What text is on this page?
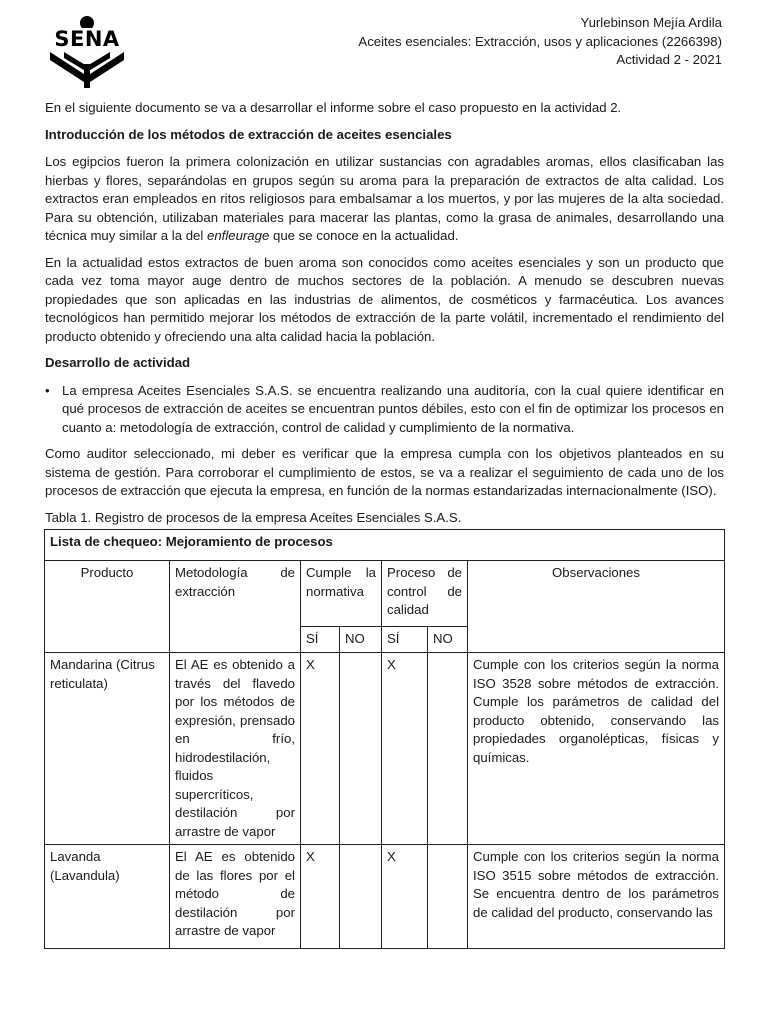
SENA
Yurlebinson Mejía Ardila
Aceites esenciales: Extracción, usos y aplicaciones (2266398)
Actividad 2 - 2021

En el siguiente documento se va a desarrollar el informe sobre el caso propuesto en la actividad 2.

Introducción de los métodos de extracción de aceites esenciales

Los egipcios fueron la primera colonización en utilizar sustancias con agradables aromas, ellos clasificaban las hierbas y flores, separándolas en grupos según su aroma para la preparación de extractos de alta calidad. Los extractos eran empleados en ritos religiosos para embalsamar a los muertos, y por las mujeres de la alta sociedad. Para su obtención, utilizaban materiales para macerar las plantas, como la grasa de animales, desarrollando una técnica muy similar a la del enfleurage que se conoce en la actualidad.

En la actualidad estos extractos de buen aroma son conocidos como aceites esenciales y son un producto que cada vez toma mayor auge dentro de muchos sectores de la población. A menudo se descubren nuevas propiedades que son aplicadas en las industrias de alimentos, de cosméticos y farmacéutica. Los avances tecnológicos han permitido mejorar los métodos de extracción de la parte volátil, incrementado el rendimiento del producto obtenido y ofreciendo una alta calidad hacia la población.

Desarrollo de actividad

• La empresa Aceites Esenciales S.A.S. se encuentra realizando una auditoría, con la cual quiere identificar en qué procesos de extracción de aceites se encuentran puntos débiles, esto con el fin de optimizar los procesos en cuanto a: metodología de extracción, control de calidad y cumplimiento de la normativa.

Como auditor seleccionado, mi deber es verificar que la empresa cumpla con los objetivos planteados en su sistema de gestión. Para corroborar el cumplimiento de estos, se va a realizar el seguimiento de cada uno de los procesos de extracción que ejecuta la empresa, en función de la normas estandarizadas internacionalmente (ISO).

Tabla 1. Registro de procesos de la empresa Aceites Esenciales S.A.S.
Lista de chequeo: Mejoramiento de procesos						
Producto	Metodología de extracción	Cumple la normativa		Proceso de control de calidad		Observaciones
		SÍ	NO	SÍ	NO	
Mandarina (Citrus reticulata)	El AE es obtenido a través del flavedo por los métodos de expresión, prensado en frío, hidrodestilación, fluidos supercríticos, destilación por arrastre de vapor	X		X		Cumple con los criterios según la norma ISO 3528 sobre métodos de extracción. Cumple los parámetros de calidad del producto obtenido, conservando las propiedades organolépticas, físicas y químicas.
Lavanda (Lavandula)	El AE es obtenido de las flores por el método de destilación por arrastre de vapor	X		X		Cumple con los criterios según la norma ISO 3515 sobre métodos de extracción. Se encuentra dentro de los parámetros de calidad del producto, conservando las
